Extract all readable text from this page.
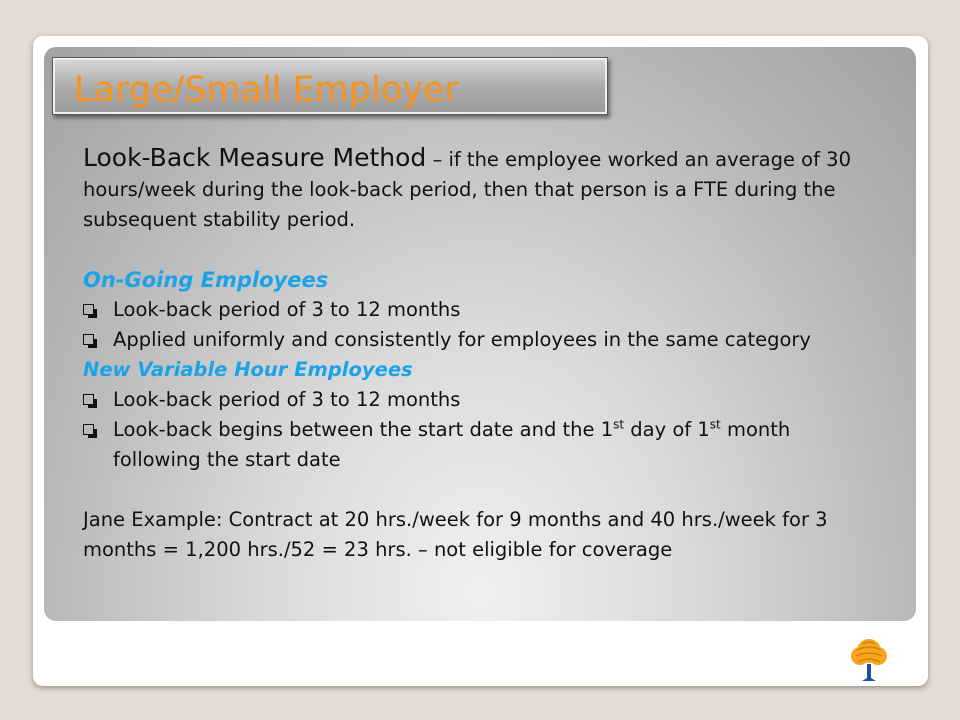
Large/Small Employer

Look-Back Measure Method – if the employee worked an average of 30 hours/week during the look-back period, then that person is a FTE during the subsequent stability period.

On-Going Employees

Look-back period of 3 to 12 months
Applied uniformly and consistently for employees in the same category

New Variable Hour Employees

Look-back period of 3 to 12 months
Look-back begins between the start date and the 1st day of 1st month following the start date

Jane Example: Contract at 20 hrs./week for 9 months and 40 hrs./week for 3 months = 1,200 hrs./52 = 23 hrs. – not eligible for coverage
